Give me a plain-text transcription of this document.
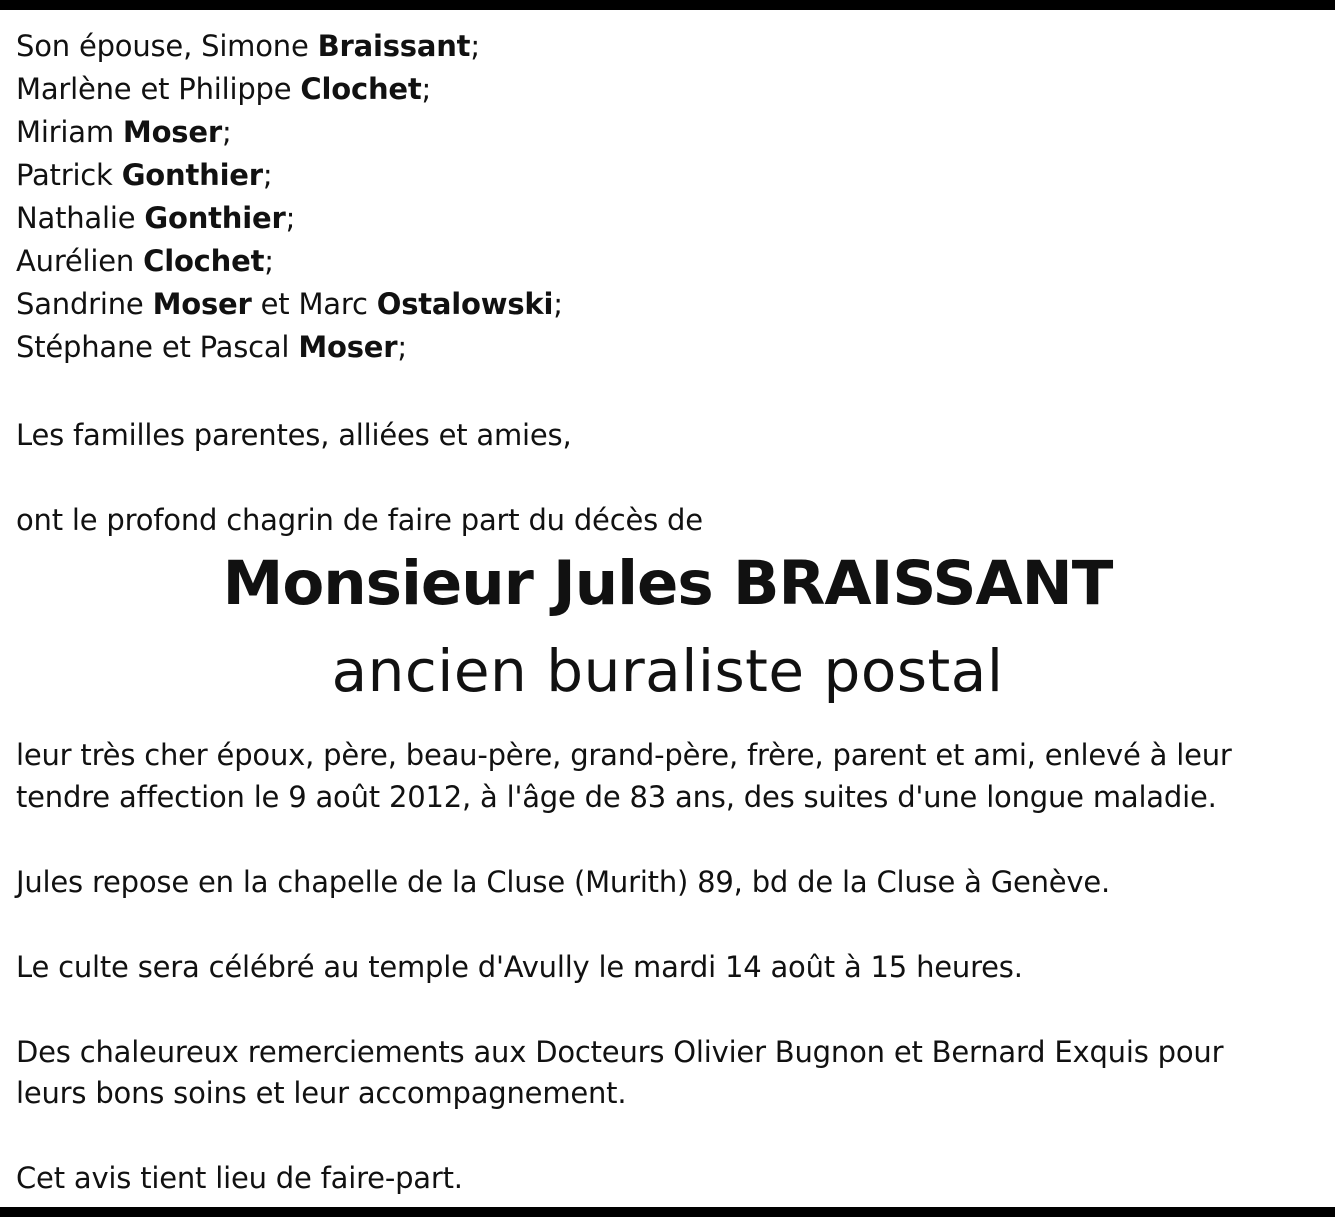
Son épouse, Simone Braissant;
Marlène et Philippe Clochet;
Miriam Moser;
Patrick Gonthier;
Nathalie Gonthier;
Aurélien Clochet;
Sandrine Moser et Marc Ostalowski;
Stéphane et Pascal Moser;
Les familles parentes, alliées et amies,
ont le profond chagrin de faire part du décès de
Monsieur Jules BRAISSANT
ancien buraliste postal
leur très cher époux, père, beau-père, grand-père, frère, parent et ami, enlevé à leur
tendre affection le 9 août 2012, à l'âge de 83 ans, des suites d'une longue maladie.
Jules repose en la chapelle de la Cluse (Murith) 89, bd de la Cluse à Genève.
Le culte sera célébré au temple d'Avully le mardi 14 août à 15 heures.
Des chaleureux remerciements aux Docteurs Olivier Bugnon et Bernard Exquis pour
leurs bons soins et leur accompagnement.
Cet avis tient lieu de faire-part.
